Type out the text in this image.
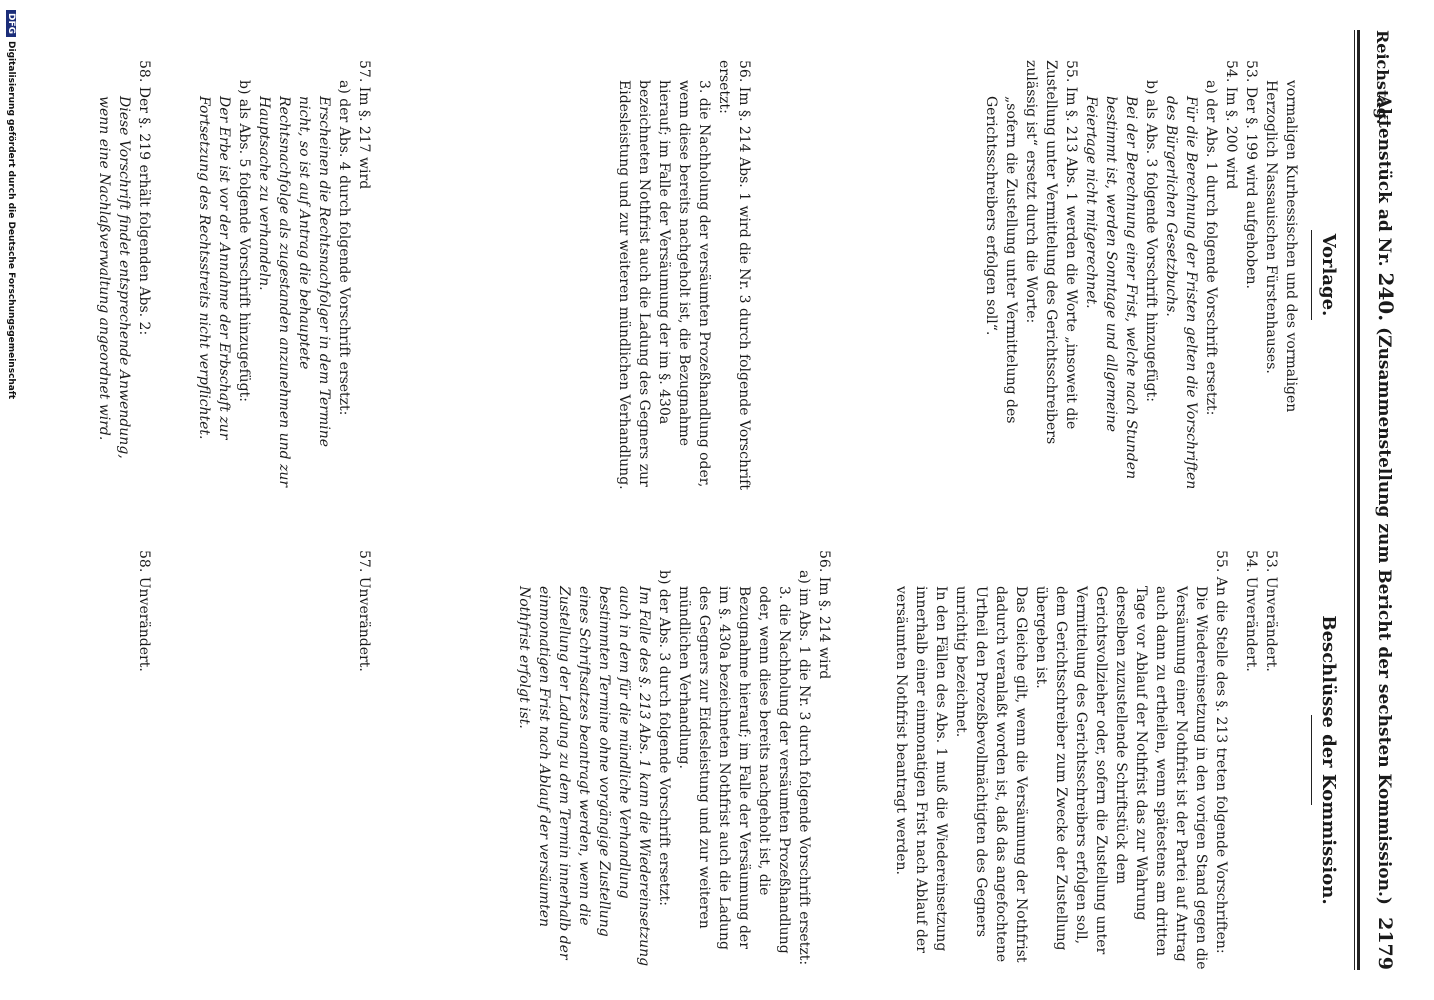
Reichstag.
Aktenstück ad Nr. 240. (Zusammenstellung zum Bericht der sechsten Kommission.)
2179
Vorlage.

vormaligen Kurhessischen und des vormaligen Herzoglich Nassauischen Fürstenhauses.

53. Der §. 199 wird aufgehoben.

54. Im §. 200 wird

a) der Abs. 1 durch folgende Vorschrift ersetzt:

Für die Berechnung der Fristen gelten die Vorschriften des Bürgerlichen Gesetzbuchs.

b) als Abs. 3 folgende Vorschrift hinzugefügt:

Bei der Berechnung einer Frist, welche nach Stunden bestimmt ist, werden Sonntage und allgemeine Feiertage nicht mitgerechnet.

55. Im §. 213 Abs. 1 werden die Worte „insoweit die Zustellung unter Vermittelung des Gerichtsschreibers zulässig ist“ ersetzt durch die Worte:

„sofern die Zustellung unter Vermittelung des Gerichtsschreibers erfolgen soll“.

56. Im §. 214 Abs. 1 wird die Nr. 3 durch folgende Vorschrift ersetzt:

3. die Nachholung der versäumten Prozeßhandlung oder, wenn diese bereits nachgeholt ist, die Bezugnahme hierauf; im Falle der Versäumung der im §. 430a bezeichneten Nothfrist auch die Ladung des Gegners zur Eidesleistung und zur weiteren mündlichen Verhandlung.

57. Im §. 217 wird

a) der Abs. 4 durch folgende Vorschrift ersetzt:

Erscheinen die Rechtsnachfolger in dem Termine nicht, so ist auf Antrag die behauptete Rechtsnachfolge als zugestanden anzunehmen und zur Hauptsache zu verhandeln.

b) als Abs. 5 folgende Vorschrift hinzugefügt:

Der Erbe ist vor der Annahme der Erbschaft zur Fortsetzung des Rechtsstreits nicht verpflichtet.

58. Der §. 219 erhält folgenden Abs. 2:

Diese Vorschrift findet entsprechende Anwendung, wenn eine Nachlaßverwaltung angeordnet wird.

Beschlüsse der Kommission.

53. Unverändert.

54. Unverändert.

55. An die Stelle des §. 213 treten folgende Vorschriften:

Die Wiedereinsetzung in den vorigen Stand gegen die Versäumung einer Nothfrist ist der Partei auf Antrag auch dann zu ertheilen, wenn spätestens am dritten Tage vor Ablauf der Nothfrist das zur Wahrung derselben zuzustellende Schriftstück dem Gerichtsvollzieher oder, sofern die Zustellung unter Vermittelung des Gerichtsschreibers erfolgen soll, dem Gerichtsschreiber zum Zwecke der Zustellung übergeben ist.

Das Gleiche gilt, wenn die Versäumung der Nothfrist dadurch veranlaßt worden ist, daß das angefochtene Urtheil den Prozeßbevollmächtigten des Gegners unrichtig bezeichnet.

In den Fällen des Abs. 1 muß die Wiedereinsetzung innerhalb einer einmonatigen Frist nach Ablauf der versäumten Nothfrist beantragt werden.

56. Im §. 214 wird

a) im Abs. 1 die Nr. 3 durch folgende Vorschrift ersetzt:

3. die Nachholung der versäumten Prozeßhandlung oder, wenn diese bereits nachgeholt ist, die Bezugnahme hierauf; im Falle der Versäumung der im §. 430a bezeichneten Nothfrist auch die Ladung des Gegners zur Eidesleistung und zur weiteren mündlichen Verhandlung.

b) der Abs. 3 durch folgende Vorschrift ersetzt:

Im Falle des §. 213 Abs. 1 kann die Wiedereinsetzung auch in dem für die mündliche Verhandlung bestimmten Termine ohne vorgängige Zustellung eines Schriftsatzes beantragt werden, wenn die Zustellung der Ladung zu dem Termin innerhalb der einmonatigen Frist nach Ablauf der versäumten Nothfrist erfolgt ist.

57. Unverändert.

58. Unverändert.

DFGDigitalisierung gefördert durch die Deutsche Forschungsgemeinschaft
